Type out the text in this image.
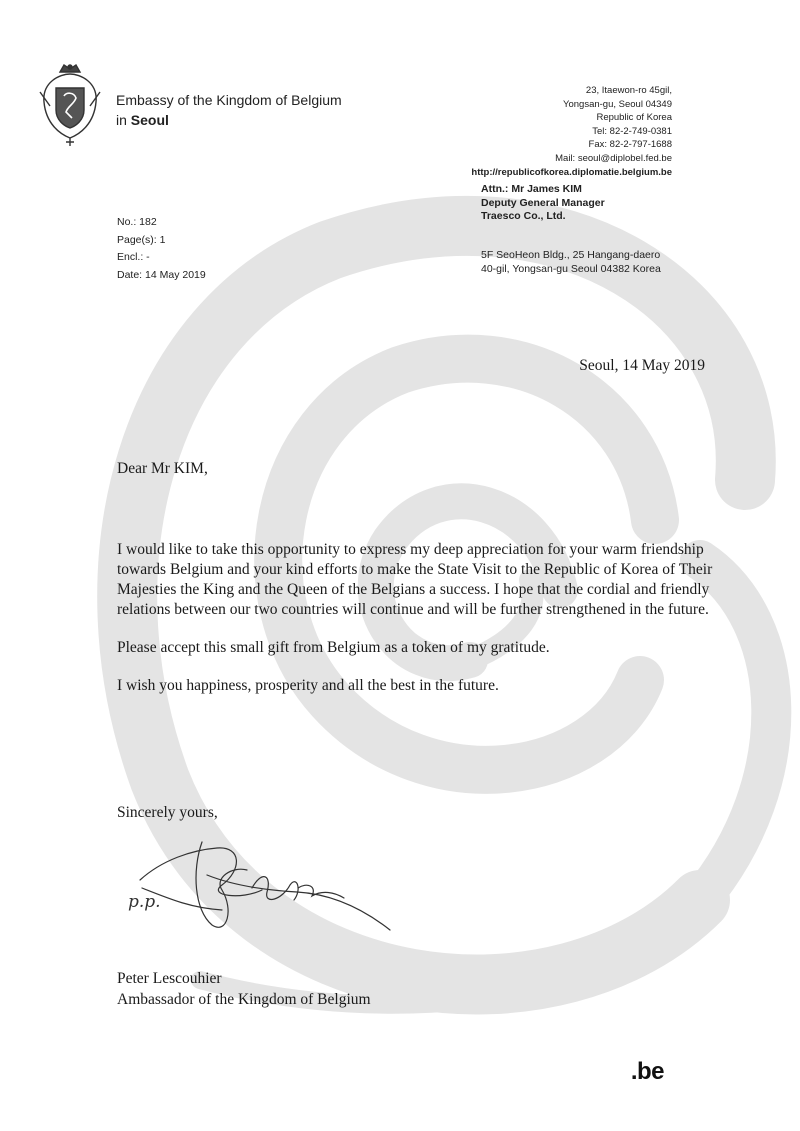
Embassy of the Kingdom of Belgium
in Seoul
23, Itaewon-ro 45gil,
Yongsan-gu, Seoul 04349
Republic of Korea
Tel: 82-2-749-0381
Fax: 82-2-797-1688
Mail: seoul@diplobel.fed.be
http://republicofkorea.diplomatie.belgium.be
Attn.: Mr James KIM
Deputy General Manager
Traesco Co., Ltd.
5F SeoHeon Bldg., 25 Hangang-daero
40-gil, Yongsan-gu Seoul 04382 Korea
No.: 182
Page(s): 1
Encl.: -
Date: 14 May 2019
Seoul, 14 May 2019
Dear Mr KIM,

I would like to take this opportunity to express my deep appreciation for your warm friendship towards Belgium and your kind efforts to make the State Visit to the Republic of Korea of Their Majesties the King and the Queen of the Belgians a success. I hope that the cordial and friendly relations between our two countries will continue and will be further strengthened in the future.

Please accept this small gift from Belgium as a token of my gratitude.

I wish you happiness, prosperity and all the best in the future.

Sincerely yours,
p.p.
Peter Lescouhier
Ambassador of the Kingdom of Belgium
.be
